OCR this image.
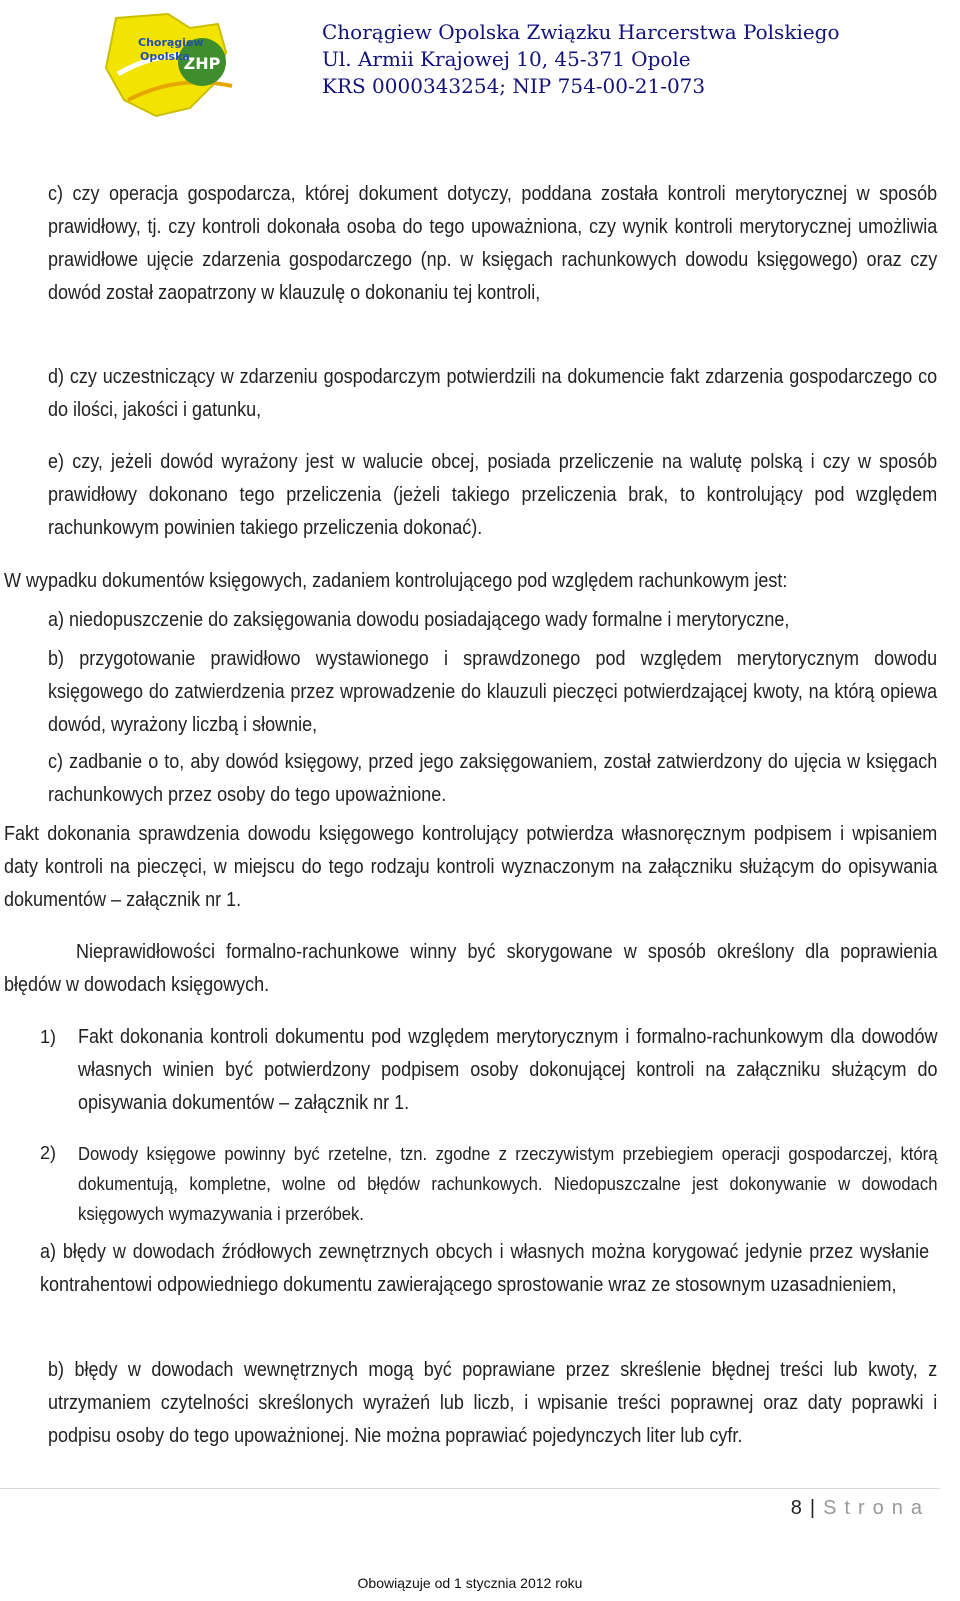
ZHP
Chorągiew
Opolska
Chorągiew Opolska Związku Harcerstwa Polskiego
Ul. Armii Krajowej 10, 45-371 Opole
KRS 0000343254; NIP 754-00-21-073

c) czy operacja gospodarcza, której dokument dotyczy, poddana została kontroli merytorycznej w sposób prawidłowy, tj. czy kontroli dokonała osoba do tego upoważniona, czy wynik kontroli merytorycznej umożliwia prawidłowe ujęcie zdarzenia gospodarczego (np. w księgach rachunkowych dowodu księgowego) oraz czy dowód został zaopatrzony w klauzulę o dokonaniu tej kontroli,

d) czy uczestniczący w zdarzeniu gospodarczym potwierdzili na dokumencie fakt zdarzenia gospodarczego co do ilości, jakości i gatunku,

e) czy, jeżeli dowód wyrażony jest w walucie obcej, posiada przeliczenie na walutę polską i czy w sposób prawidłowy dokonano tego przeliczenia (jeżeli takiego przeliczenia brak, to kontrolujący pod względem rachunkowym powinien takiego przeliczenia dokonać).

W wypadku dokumentów księgowych, zadaniem kontrolującego pod względem rachunkowym jest:

a) niedopuszczenie do zaksięgowania dowodu posiadającego wady formalne i merytoryczne,

b) przygotowanie prawidłowo wystawionego i sprawdzonego pod względem merytorycznym dowodu księgowego do zatwierdzenia przez wprowadzenie do klauzuli pieczęci potwierdzającej kwoty, na którą opiewa dowód, wyrażony liczbą i słownie,

c) zadbanie o to, aby dowód księgowy, przed jego zaksięgowaniem, został zatwierdzony do ujęcia w księgach rachunkowych przez osoby do tego upoważnione.

Fakt dokonania sprawdzenia dowodu księgowego kontrolujący potwierdza własnoręcznym podpisem i wpisaniem daty kontroli na pieczęci, w miejscu do tego rodzaju kontroli wyznaczonym na załączniku służącym do opisywania dokumentów – załącznik nr 1.

Nieprawidłowości formalno-rachunkowe winny być skorygowane w sposób określony dla poprawienia błędów w dowodach księgowych.

1) Fakt dokonania kontroli dokumentu pod względem merytorycznym i formalno-rachunkowym dla dowodów własnych winien być potwierdzony podpisem osoby dokonującej kontroli na załączniku służącym do opisywania dokumentów – załącznik nr 1.

2) Dowody księgowe powinny być rzetelne, tzn. zgodne z rzeczywistym przebiegiem operacji gospodarczej, którą dokumentują, kompletne, wolne od błędów rachunkowych. Niedopuszczalne jest dokonywanie w dowodach księgowych wymazywania i przeróbek.

a) błędy w dowodach źródłowych zewnętrznych obcych i własnych można korygować jedynie przez wysłanie kontrahentowi odpowiedniego dokumentu zawierającego sprostowanie wraz ze stosownym uzasadnieniem,

b) błędy w dowodach wewnętrznych mogą być poprawiane przez skreślenie błędnej treści lub kwoty, z utrzymaniem czytelności skreślonych wyrażeń lub liczb, i wpisanie treści poprawnej oraz daty poprawki i podpisu osoby do tego upoważnionej. Nie można poprawiać pojedynczych liter lub cyfr.

8 | Strona
Obowiązuje od 1 stycznia 2012 roku
